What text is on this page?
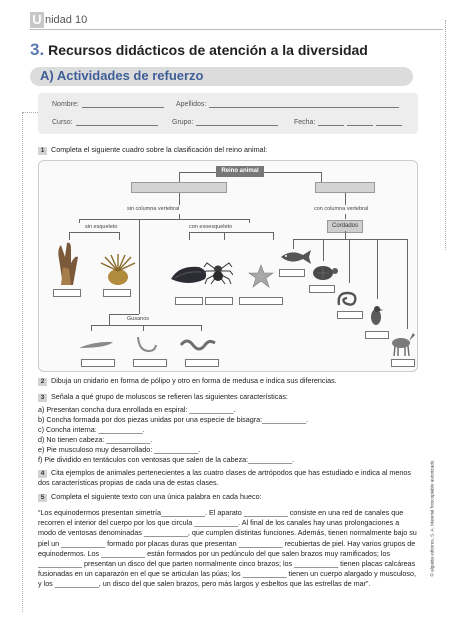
U nidad 10
3. Recursos didácticos de atención a la diversidad
A) Actividades de refuerzo
Nombre:	Apellidos:
Curso:	Grupo:	Fecha:
1 Completa el siguiente cuadro sobre la clasificación del reino animal:
Reino animal
sin columna vertebral	con columna vertebral
sin esqueleto	con exoesqueleto
Gusanos
Cordados
2 Dibuja un cnidario en forma de pólipo y otro en forma de medusa e indica sus diferencias.
3 Señala a qué grupo de moluscos se refieren las siguientes características:
a) Presentan concha dura enrollada en espiral: ___________.
b) Concha formada por dos piezas unidas por una especie de bisagra:___________.
c) Concha interna: ___________.
d) No tienen cabeza: ___________.
e) Pie musculoso muy desarrollado: ___________.
f) Pie dividido en tentáculos con ventosas que salen de la cabeza:___________.
4 Cita ejemplos de animales pertenecientes a las cuatro clases de artrópodos que has estudiado e indica al menos dos características propias de cada una de estas clases.
5 Completa el siguiente texto con una única palabra en cada hueco:
“Los equinodermos presentan simetría___________. El aparato ___________ consiste en una red de canales que recorren el interior del cuerpo por los que circula ___________. Al final de los canales hay unas prolongaciones a modo de ventosas denominadas ___________, que cumplen distintas funciones. Además, tienen normalmente bajo su piel un ___________ formado por placas duras que presentan ___________ recubiertas de piel. Hay varios grupos de equinodermos. Los ___________ están formados por un pedúnculo del que salen brazos muy ramificados; los ___________ presentan un disco del que parten normalmente cinco brazos; los ___________ tienen placas calcáreas fusionadas en un caparazón en el que se articulan las púas; los ___________ tienen un cuerpo alargado y musculoso, y los ___________, un disco del que salen brazos, pero más largos y esbeltos que las estrellas de mar”.
© algaida editores, S. A. Material fotocopiable autorizado.
